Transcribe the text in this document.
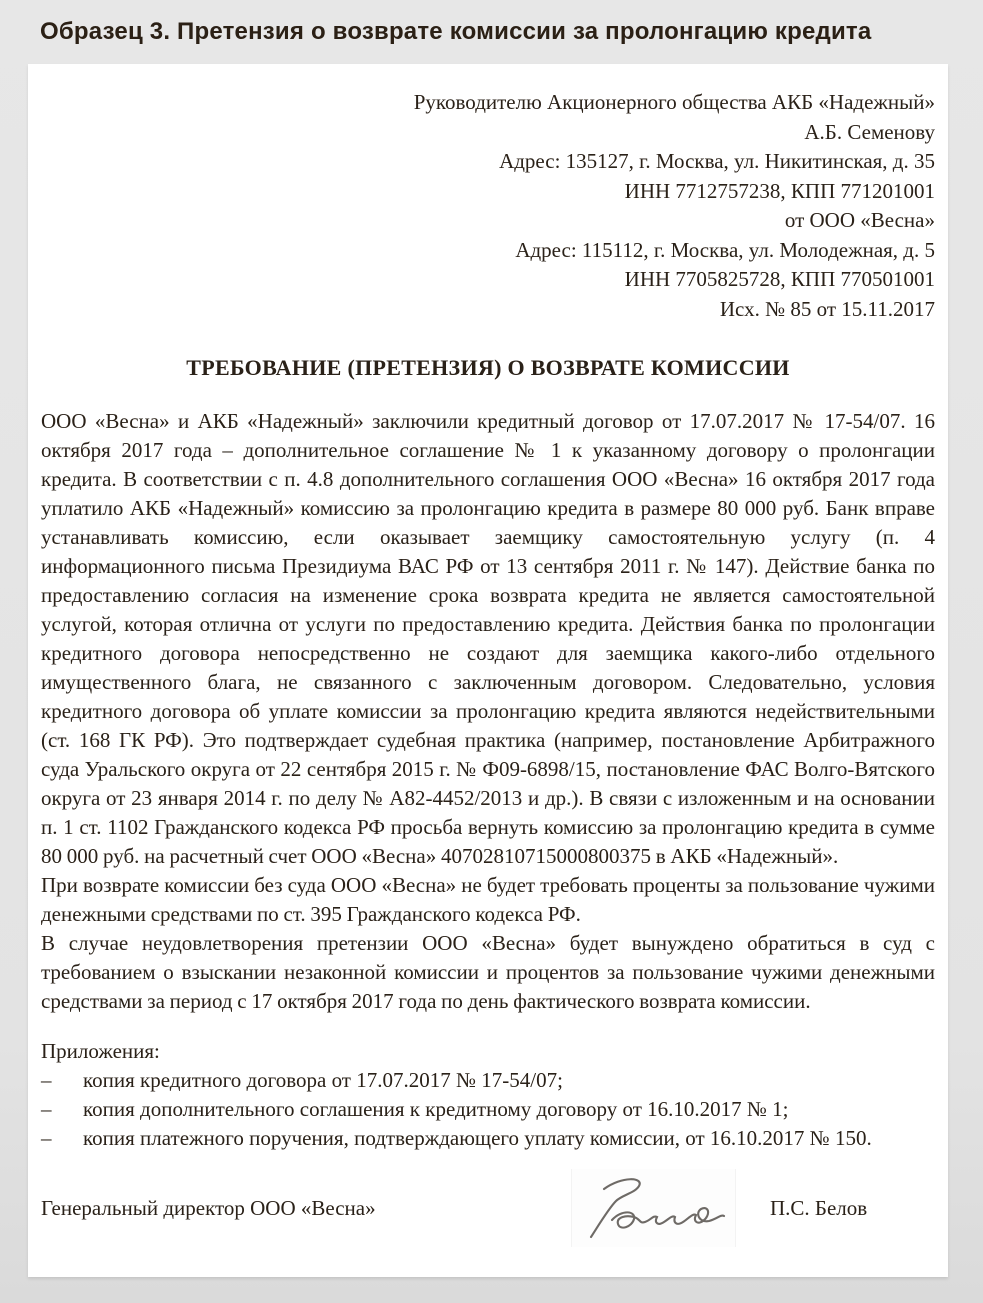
Образец 3. Претензия о возврате комиссии за пролонгацию кредита
Руководителю Акционерного общества АКБ «Надежный»
А.Б. Семенову
Адрес: 135127, г. Москва, ул. Никитинская, д. 35
ИНН 7712757238, КПП 771201001
от ООО «Весна»
Адрес: 115112, г. Москва, ул. Молодежная, д. 5
ИНН 7705825728, КПП 770501001
Исх. № 85 от 15.11.2017
ТРЕБОВАНИЕ (ПРЕТЕНЗИЯ) О ВОЗВРАТЕ КОМИССИИ

ООО «Весна» и АКБ «Надежный» заключили кредитный договор от 17.07.2017 № 17-54/07. 16 октября 2017 года – дополнительное соглашение № 1 к указанному договору о пролонгации кредита. В соответствии с п. 4.8 дополнительного соглашения ООО «Весна» 16 октября 2017 года уплатило АКБ «Надежный» комиссию за пролонгацию кредита в размере 80 000 руб. Банк вправе устанавливать комиссию, если оказывает заемщику самостоятельную услугу (п. 4 информационного письма Президиума ВАС РФ от 13 сентября 2011 г. № 147). Действие банка по предоставлению согласия на изменение срока возврата кредита не является самостоятельной услугой, которая отлична от услуги по предоставлению кредита. Действия банка по пролонгации кредитного договора непосредственно не создают для заемщика какого-либо отдельного имущественного блага, не связанного с заключенным договором. Следовательно, условия кредитного договора об уплате комиссии за пролонгацию кредита являются недействительными (ст. 168 ГК РФ). Это подтверждает судебная практика (например, постановление Арбитражного суда Уральского округа от 22 сентября 2015 г. № Ф09-6898/15, постановление ФАС Волго-Вятского округа от 23 января 2014 г. по делу № А82-4452/2013 и др.). В связи с изложенным и на основании п. 1 ст. 1102 Гражданского кодекса РФ просьба вернуть комиссию за пролонгацию кредита в сумме 80 000 руб. на расчетный счет ООО «Весна» 40702810715000800375 в АКБ «Надежный».

При возврате комиссии без суда ООО «Весна» не будет требовать проценты за пользование чужими денежными средствами по ст. 395 Гражданского кодекса РФ.

В случае неудовлетворения претензии ООО «Весна» будет вынуждено обратиться в суд с требованием о взыскании незаконной комиссии и процентов за пользование чужими денежными средствами за период с 17 октября 2017 года по день фактического возврата комиссии.

Приложения:
–	копия кредитного договора от 17.07.2017 № 17-54/07;
–	копия дополнительного соглашения к кредитному договору от 16.10.2017 № 1;
–	копия платежного поручения, подтверждающего уплату комиссии, от 16.10.2017 № 150.
Генеральный директор ООО «Весна»	П.С. Белов
